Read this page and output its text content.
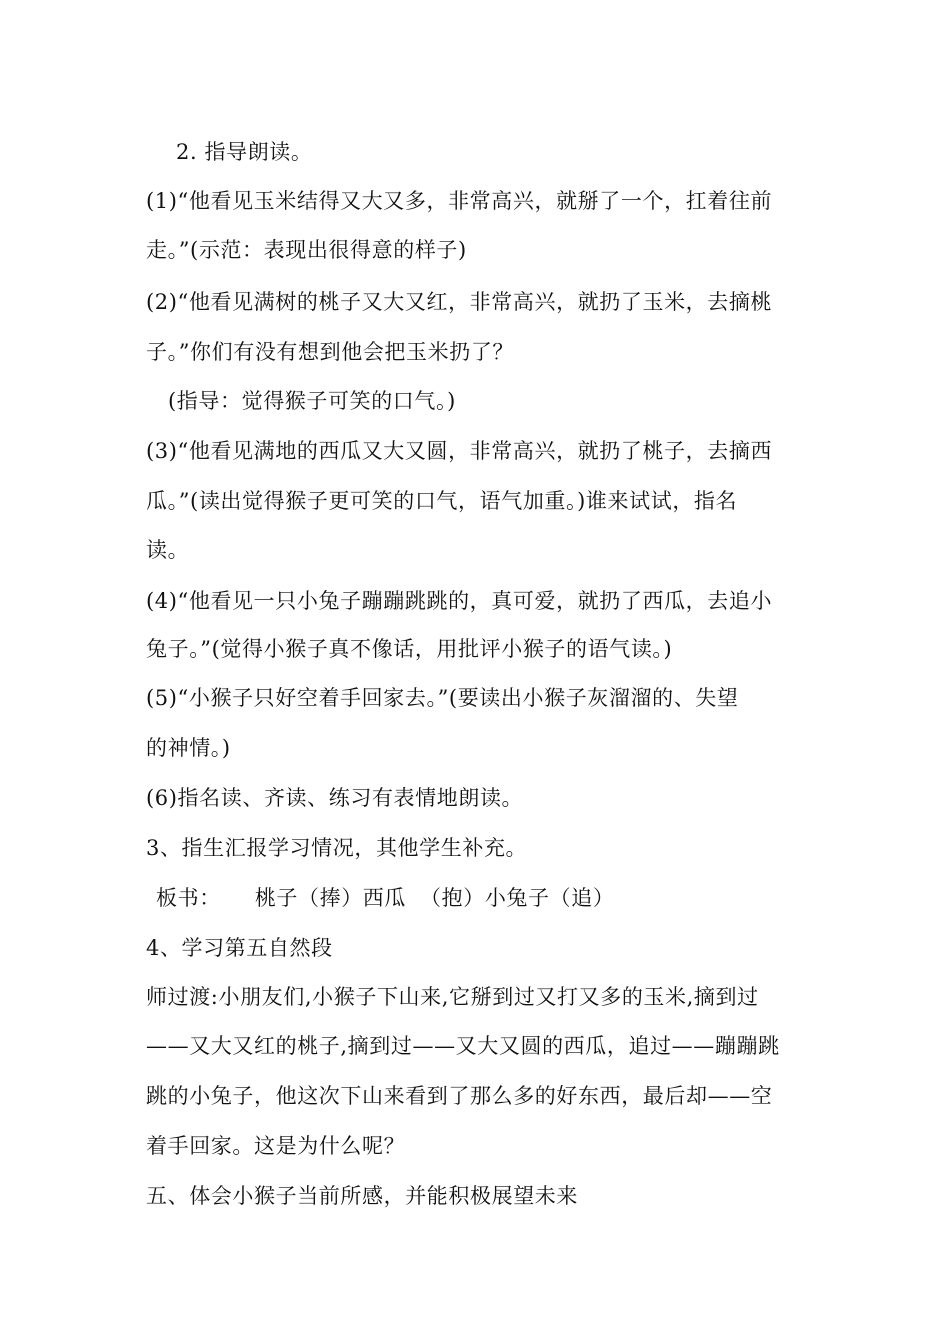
2. 指导朗读。
(1)“他看见玉米结得又大又多，非常高兴，就掰了一个，扛着往前
走。”(示范：表现出很得意的样子)
(2)“他看见满树的桃子又大又红，非常高兴，就扔了玉米，去摘桃
子。”你们有没有想到他会把玉米扔了？
(指导：觉得猴子可笑的口气。)
(3)“他看见满地的西瓜又大又圆，非常高兴，就扔了桃子，去摘西
瓜。”(读出觉得猴子更可笑的口气，语气加重。)谁来试试，指名
读。
(4)“他看见一只小兔子蹦蹦跳跳的，真可爱，就扔了西瓜，去追小
兔子。”(觉得小猴子真不像话，用批评小猴子的语气读。)
(5)“小猴子只好空着手回家去。”(要读出小猴子灰溜溜的、失望
的神情。)
(6)指名读、齐读、练习有表情地朗读。
3、指生汇报学习情况，其他学生补充。
板书： 桃子（捧）西瓜 （抱）小兔子（追）
4、学习第五自然段
师过渡:小朋友们,小猴子下山来,它掰到过又打又多的玉米,摘到过
——又大又红的桃子,摘到过——又大又圆的西瓜，追过——蹦蹦跳
跳的小兔子，他这次下山来看到了那么多的好东西，最后却——空
着手回家。这是为什么呢？
五、体会小猴子当前所感，并能积极展望未来
